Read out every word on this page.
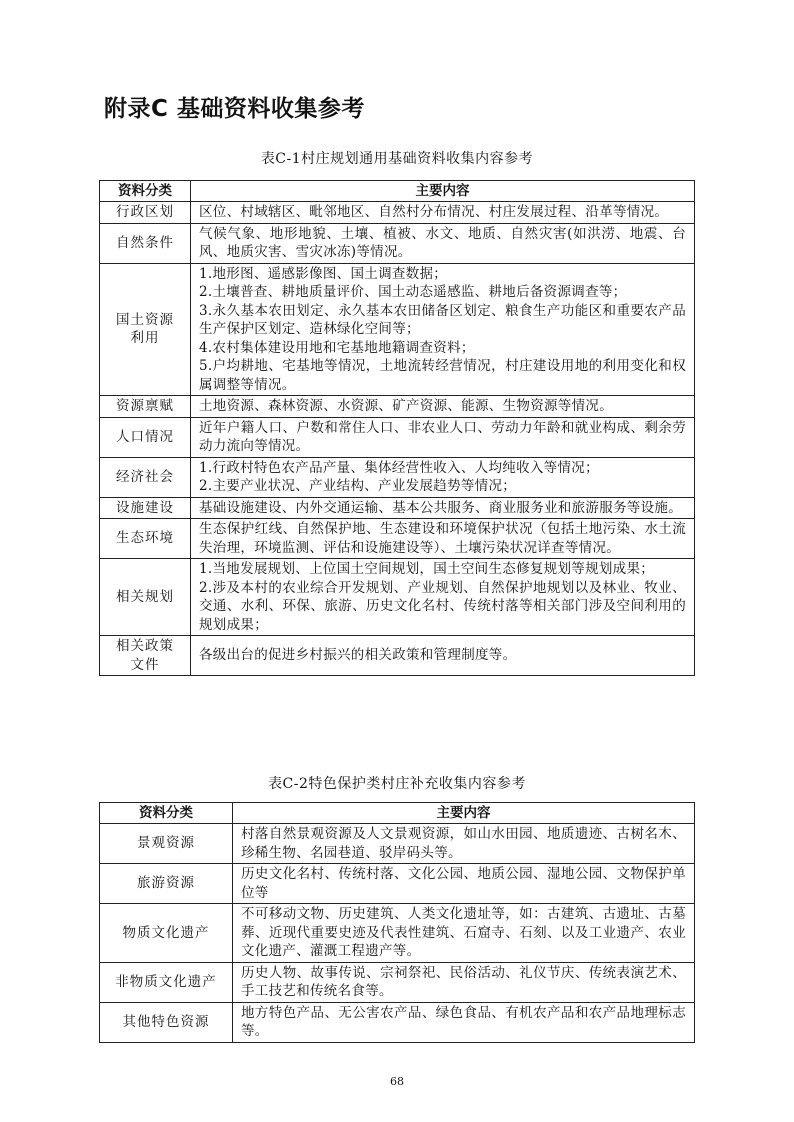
附录C 基础资料收集参考
表C-1村庄规划通用基础资料收集内容参考
资料分类	主要内容
行政区划	区位、村域辖区、毗邻地区、自然村分布情况、村庄发展过程、沿革等情况。

自然条件	气候气象、地形地貌、土壤、植被、水文、地质、自然灾害(如洪涝、地震、台风、地质灾害、雪灾冰冻)等情况。

国土资源利用	1.地形图、遥感影像图、国土调查数据；
2.土壤普查、耕地质量评价、国土动态遥感监、耕地后备资源调查等；
3.永久基本农田划定、永久基本农田储备区划定、粮食生产功能区和重要农产品生产保护区划定、造林绿化空间等；
4.农村集体建设用地和宅基地地籍调查资料；
5.户均耕地、宅基地等情况，土地流转经营情况，村庄建设用地的利用变化和权属调整等情况。

资源禀赋	土地资源、森林资源、水资源、矿产资源、能源、生物资源等情况。

人口情况	近年户籍人口、户数和常住人口、非农业人口、劳动力年龄和就业构成、剩余劳动力流向等情况。

经济社会	1.行政村特色农产品产量、集体经营性收入、人均纯收入等情况；
2.主要产业状况、产业结构、产业发展趋势等情况；

设施建设	基础设施建设、内外交通运输、基本公共服务、商业服务业和旅游服务等设施。

生态环境	生态保护红线、自然保护地、生态建设和环境保护状况（包括土地污染、水土流失治理，环境监测、评估和设施建设等）、土壤污染状况详查等情况。

相关规划	1.当地发展规划、上位国土空间规划，国土空间生态修复规划等规划成果；
2.涉及本村的农业综合开发规划、产业规划、自然保护地规划以及林业、牧业、交通、水利、环保、旅游、历史文化名村、传统村落等相关部门涉及空间利用的规划成果；

相关政策文件	各级出台的促进乡村振兴的相关政策和管理制度等。
表C-2特色保护类村庄补充收集内容参考
资料分类	主要内容
景观资源	村落自然景观资源及人文景观资源，如山水田园、地质遗迹、古树名木、珍稀生物、名园巷道、驳岸码头等。

旅游资源	历史文化名村、传统村落、文化公园、地质公园、湿地公园、文物保护单位等

物质文化遗产	不可移动文物、历史建筑、人类文化遗址等，如：古建筑、古遗址、古墓葬、近现代重要史迹及代表性建筑、石窟寺、石刻、以及工业遗产、农业文化遗产、灌溉工程遗产等。

非物质文化遗产	历史人物、故事传说、宗祠祭祀、民俗活动、礼仪节庆、传统表演艺术、手工技艺和传统名食等。

其他特色资源	地方特色产品、无公害农产品、绿色食品、有机农产品和农产品地理标志等。
68
